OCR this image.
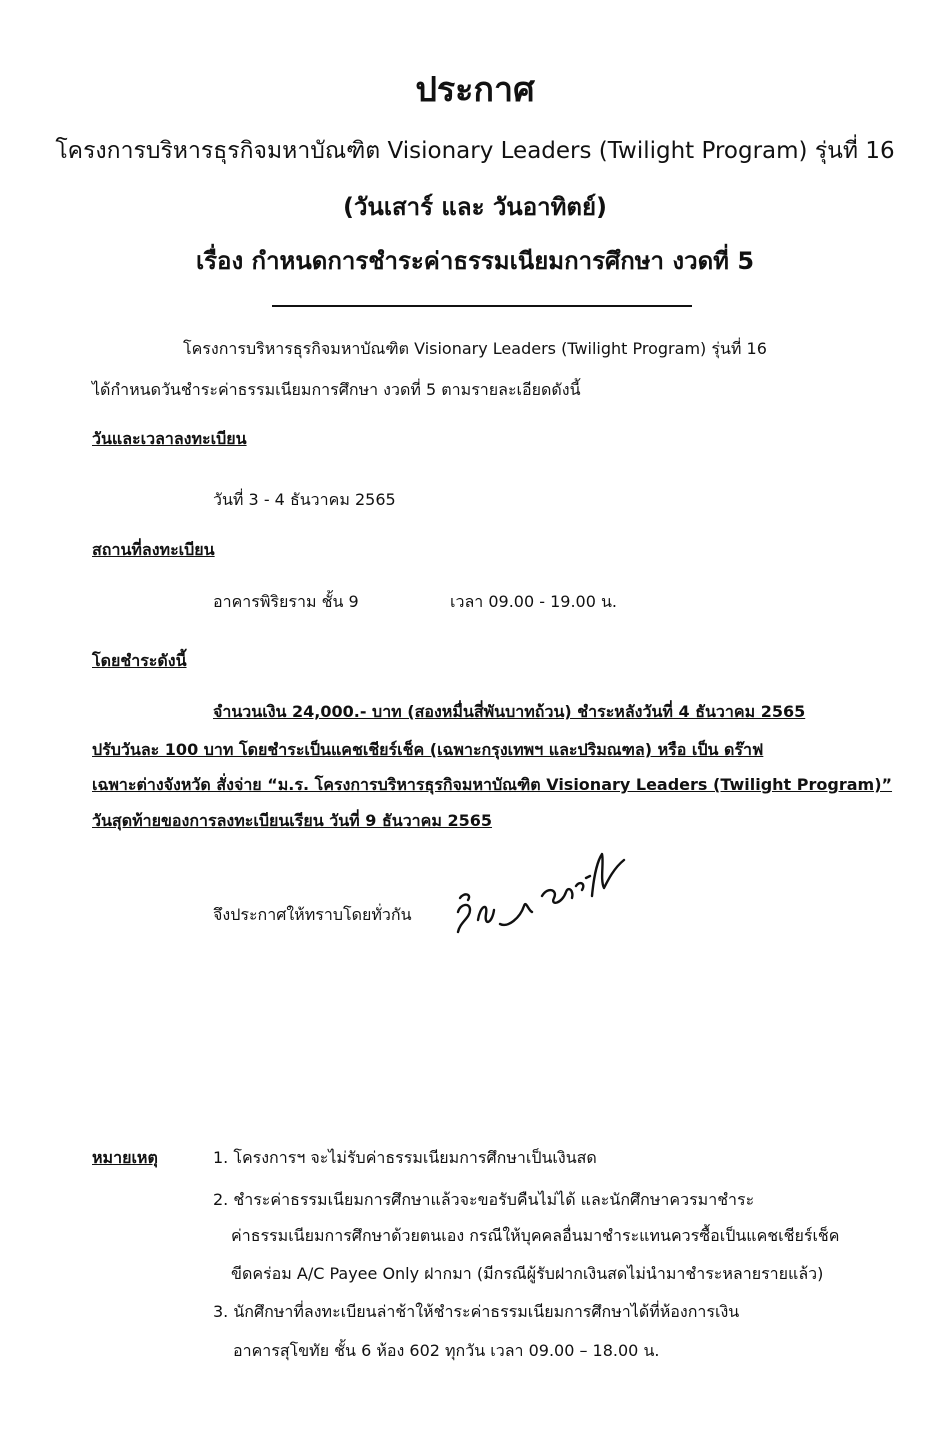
ประกาศ
โครงการบริหารธุรกิจมหาบัณฑิต Visionary Leaders (Twilight Program) รุ่นที่ 16
(วันเสาร์ และ วันอาทิตย์)
เรื่อง กำหนดการชำระค่าธรรมเนียมการศึกษา งวดที่ 5
โครงการบริหารธุรกิจมหาบัณฑิต Visionary Leaders (Twilight Program) รุ่นที่ 16
ได้กำหนดวันชำระค่าธรรมเนียมการศึกษา งวดที่ 5 ตามรายละเอียดดังนี้
วันและเวลาลงทะเบียน
วันที่ 3 - 4 ธันวาคม 2565
สถานที่ลงทะเบียน
อาคารพิริยราม ชั้น 9	เวลา 09.00 - 19.00 น.
โดยชำระดังนี้
จำนวนเงิน 24,000.- บาท (สองหมื่นสี่พันบาทถ้วน) ชำระหลังวันที่ 4 ธันวาคม 2565
ปรับวันละ 100 บาท โดยชำระเป็นแคชเชียร์เช็ค (เฉพาะกรุงเทพฯ และปริมณฑล) หรือ เป็น ดร๊าฟ
เฉพาะต่างจังหวัด สั่งจ่าย “ม.ร. โครงการบริหารธุรกิจมหาบัณฑิต Visionary Leaders (Twilight Program)”
วันสุดท้ายของการลงทะเบียนเรียน วันที่ 9 ธันวาคม 2565
จึงประกาศให้ทราบโดยทั่วกัน
หมายเหตุ	1. โครงการฯ จะไม่รับค่าธรรมเนียมการศึกษาเป็นเงินสด
2. ชำระค่าธรรมเนียมการศึกษาแล้วจะขอรับคืนไม่ได้ และนักศึกษาควรมาชำระ
ค่าธรรมเนียมการศึกษาด้วยตนเอง กรณีให้บุคคลอื่นมาชำระแทนควรซื้อเป็นแคชเชียร์เช็ค
ขีดคร่อม A/C Payee Only ฝากมา (มีกรณีผู้รับฝากเงินสดไม่นำมาชำระหลายรายแล้ว)
3. นักศึกษาที่ลงทะเบียนล่าช้าให้ชำระค่าธรรมเนียมการศึกษาได้ที่ห้องการเงิน
อาคารสุโขทัย ชั้น 6 ห้อง 602 ทุกวัน เวลา 09.00 – 18.00 น.
